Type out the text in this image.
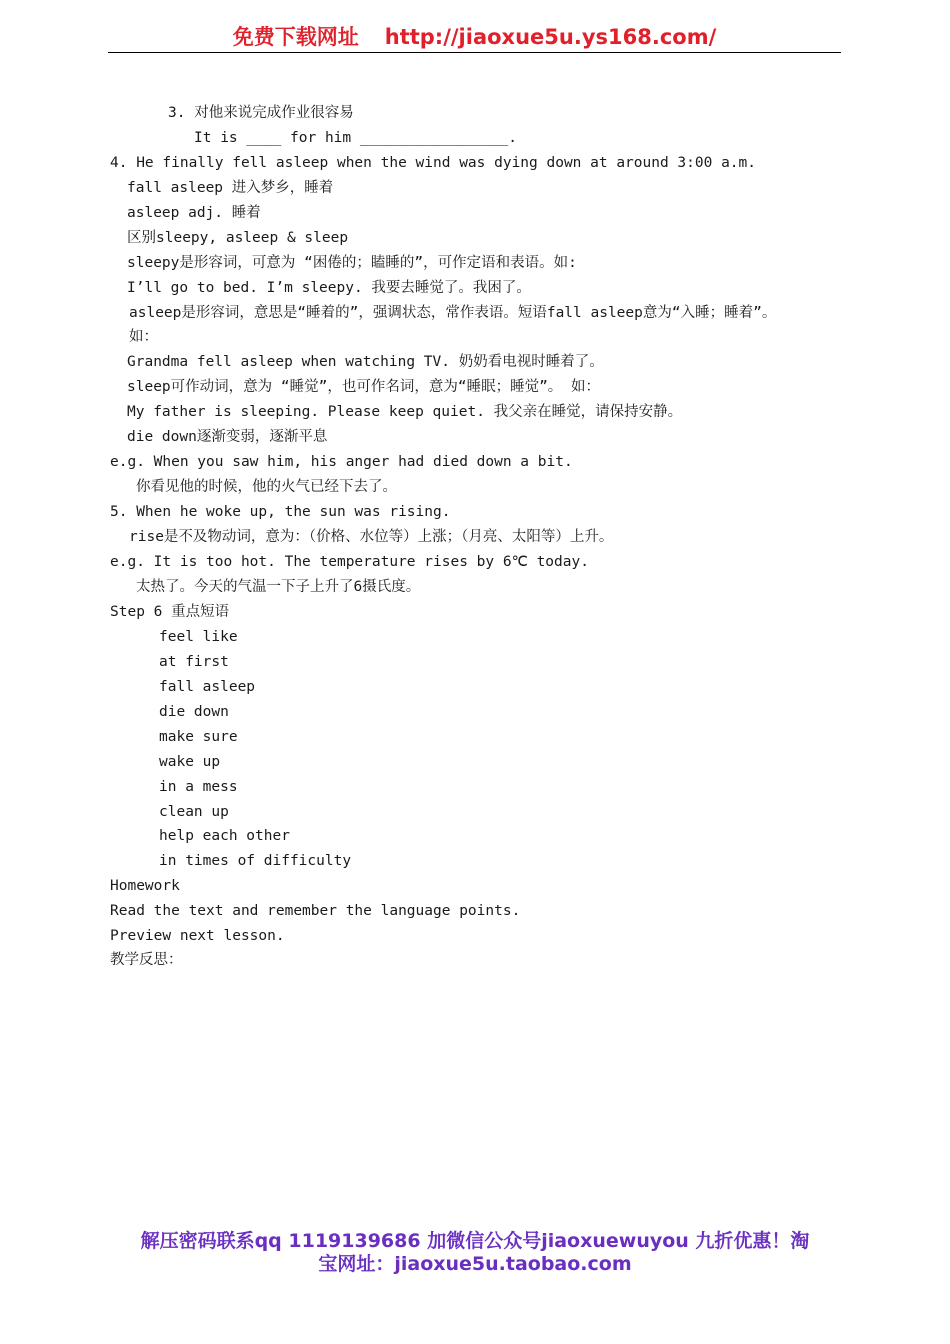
免费下载网址 http://jiaoxue5u.ys168.com/
3. 对他来说完成作业很容易
It is ____ for him _________________.
4. He finally fell asleep when the wind was dying down at around 3:00 a.m.
fall asleep 进入梦乡，睡着
asleep adj. 睡着
区别sleepy, asleep & sleep
sleepy是形容词，可意为 “困倦的；瞌睡的”，可作定语和表语。如:
I’ll go to bed. I’m sleepy. 我要去睡觉了。我困了。
asleep是形容词，意思是“睡着的”，强调状态，常作表语。短语fall asleep意为“入睡；睡着”。
如：
Grandma fell asleep when watching TV. 奶奶看电视时睡着了。
sleep可作动词，意为 “睡觉”，也可作名词，意为“睡眠；睡觉”。 如：
My father is sleeping. Please keep quiet. 我父亲在睡觉，请保持安静。
die down逐渐变弱，逐渐平息
e.g. When you saw him, his anger had died down a bit.
你看见他的时候，他的火气已经下去了。
5. When he woke up, the sun was rising.
rise是不及物动词，意为：（价格、水位等）上涨；（月亮、太阳等）上升。
e.g. It is too hot. The temperature rises by 6℃ today.
太热了。今天的气温一下子上升了6摄氏度。
Step 6 重点短语
feel like
at first
fall asleep
die down
make sure
wake up
in a mess
clean up
help each other
in times of difficulty
Homework
Read the text and remember the language points.
Preview next lesson.
教学反思：
解压密码联系qq 1119139686 加微信公众号jiaoxuewuyou 九折优惠！淘
宝网址：jiaoxue5u.taobao.com
